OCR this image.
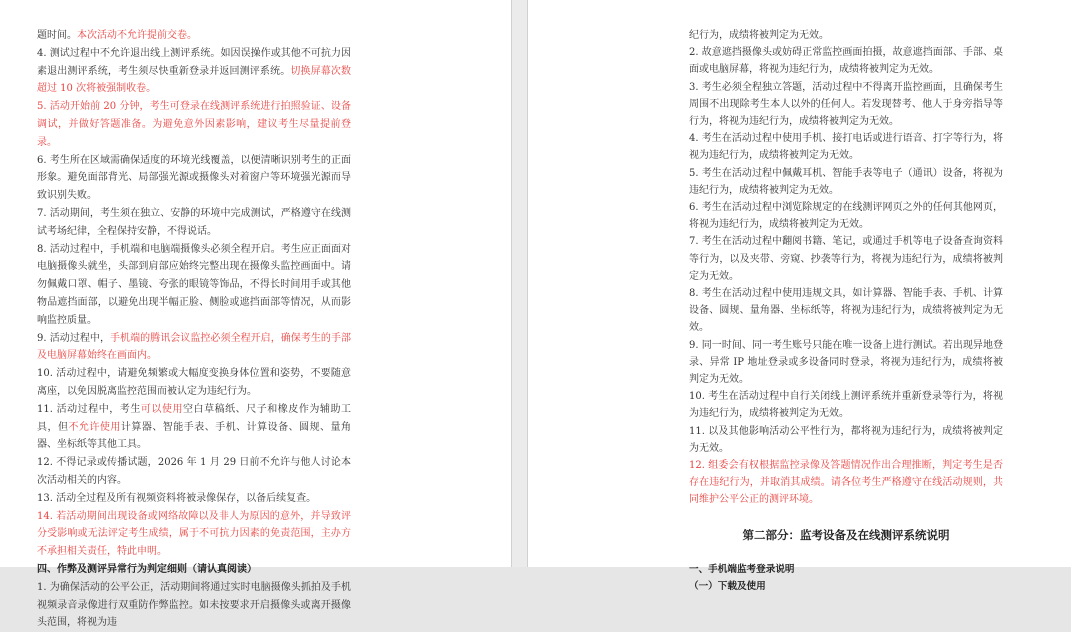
题时间。本次活动不允许提前交卷。

4. 测试过程中不允许退出线上测评系统。如因误操作或其他不可抗力因素退出测评系统，考生须尽快重新登录并返回测评系统。切换屏幕次数超过 10 次将被强制收卷。

5. 活动开始前 20 分钟，考生可登录在线测评系统进行拍照验证、设备调试，并做好答题准备。为避免意外因素影响，建议考生尽量提前登录。

6. 考生所在区域需确保适度的环境光线覆盖，以便清晰识别考生的正面形象。避免面部背光、局部强光源或摄像头对着窗户等环境强光源而导致识别失败。

7. 活动期间，考生须在独立、安静的环境中完成测试，严格遵守在线测试考场纪律，全程保持安静，不得说话。

8. 活动过程中，手机端和电脑端摄像头必须全程开启。考生应正面面对电脑摄像头就坐，头部到肩部应始终完整出现在摄像头监控画面中。请勿佩戴口罩、帽子、墨镜、夸张的眼镜等饰品，不得长时间用手或其他物品遮挡面部，以避免出现半幅正脸、侧脸或遮挡面部等情况，从而影响监控质量。

9. 活动过程中，手机端的腾讯会议监控必须全程开启，确保考生的手部及电脑屏幕始终在画面内。

10. 活动过程中，请避免频繁或大幅度变换身体位置和姿势，不要随意离座，以免因脱离监控范围而被认定为违纪行为。

11. 活动过程中，考生可以使用空白草稿纸、尺子和橡皮作为辅助工具，但不允许使用计算器、智能手表、手机、计算设备、圆规、量角器、坐标纸等其他工具。

12. 不得记录或传播试题，2026 年 1 月 29 日前不允许与他人讨论本次活动相关的内容。

13. 活动全过程及所有视频资料将被录像保存，以备后续复查。

14. 若活动期间出现设备或网络故障以及非人为原因的意外，并导致评分受影响或无法评定考生成绩，属于不可抗力因素的免责范围，主办方不承担相关责任，特此申明。

四、作弊及测评异常行为判定细则（请认真阅读）

1. 为确保活动的公平公正，活动期间将通过实时电脑摄像头抓拍及手机视频录音录像进行双重防作弊监控。如未按要求开启摄像头或离开摄像头范围，将视为违

纪行为，成绩将被判定为无效。

2. 故意遮挡摄像头或妨碍正常监控画面拍摄，故意遮挡面部、手部、桌面或电脑屏幕，将视为违纪行为，成绩将被判定为无效。

3. 考生必须全程独立答题，活动过程中不得离开监控画面，且确保考生周围不出现除考生本人以外的任何人。若发现替考、他人于身旁指导等行为，将视为违纪行为，成绩将被判定为无效。

4. 考生在活动过程中使用手机、接打电话或进行语音、打字等行为，将视为违纪行为，成绩将被判定为无效。

5. 考生在活动过程中佩戴耳机、智能手表等电子（通讯）设备，将视为违纪行为，成绩将被判定为无效。

6. 考生在活动过程中浏览除规定的在线测评网页之外的任何其他网页，将视为违纪行为，成绩将被判定为无效。

7. 考生在活动过程中翻阅书籍、笔记，或通过手机等电子设备查询资料等行为，以及夹带、旁窥、抄袭等行为，将视为违纪行为，成绩将被判定为无效。

8. 考生在活动过程中使用违规文具，如计算器、智能手表、手机、计算设备、圆规、量角器、坐标纸等，将视为违纪行为，成绩将被判定为无效。

9. 同一时间、同一考生账号只能在唯一设备上进行测试。若出现异地登录、异常 IP 地址登录或多设备同时登录，将视为违纪行为，成绩将被判定为无效。

10. 考生在活动过程中自行关闭线上测评系统并重新登录等行为，将视为违纪行为，成绩将被判定为无效。

11. 以及其他影响活动公平性行为，都将视为违纪行为，成绩将被判定为无效。

12. 组委会有权根据监控录像及答题情况作出合理推断，判定考生是否存在违纪行为，并取消其成绩。请各位考生严格遵守在线活动规则，共同维护公平公正的测评环境。

第二部分：监考设备及在线测评系统说明
一、手机端监考登录说明
（一）下载及使用
